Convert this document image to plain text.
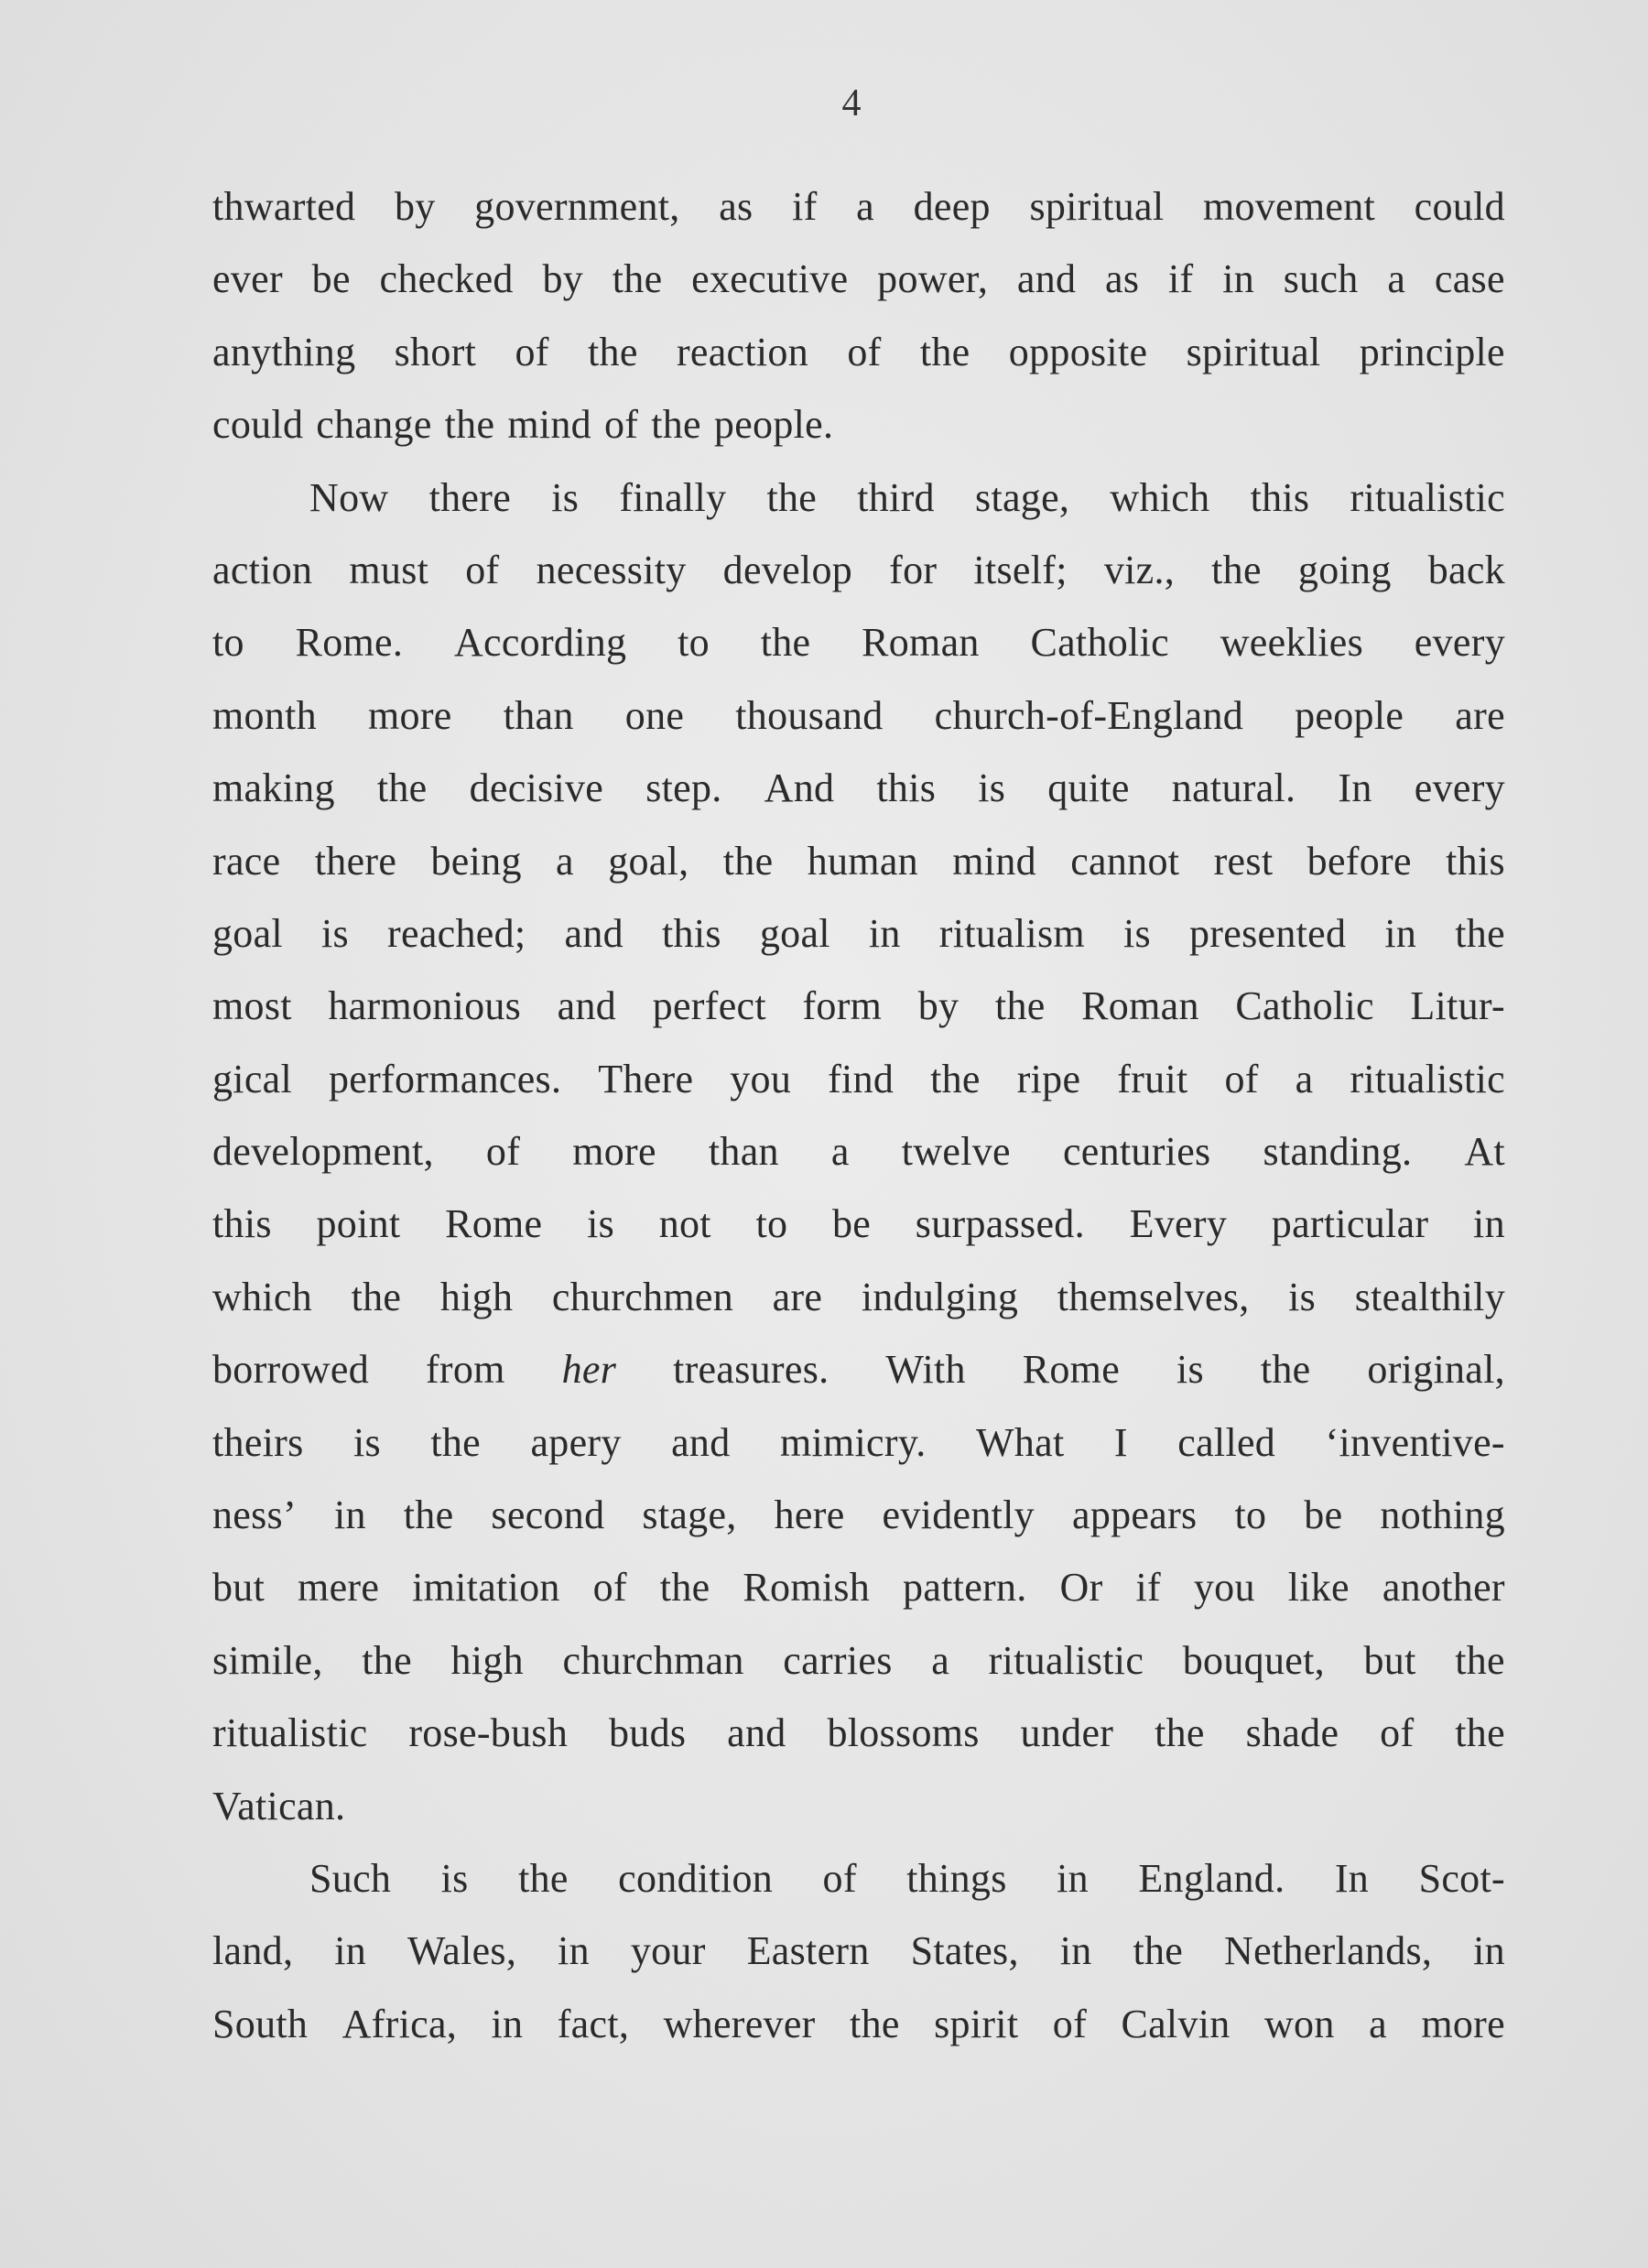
4
thwarted by government, as if a deep spiritual movement could
ever be checked by the executive power, and as if in such a case
anything short of the reaction of the opposite spiritual principle
could change the mind of the people.
Now there is finally the third stage, which this ritualistic
action must of necessity develop for itself; viz., the going back
to Rome. According to the Roman Catholic weeklies every
month more than one thousand church-of-England people are
making the decisive step. And this is quite natural. In every
race there being a goal, the human mind cannot rest before this
goal is reached; and this goal in ritualism is presented in the
most harmonious and perfect form by the Roman Catholic Litur-
gical performances. There you find the ripe fruit of a ritualistic
development, of more than a twelve centuries standing. At
this point Rome is not to be surpassed. Every particular in
which the high churchmen are indulging themselves, is stealthily
borrowed from her treasures. With Rome is the original,
theirs is the apery and mimicry. What I called ‘inventive-
ness’ in the second stage, here evidently appears to be nothing
but mere imitation of the Romish pattern. Or if you like another
simile, the high churchman carries a ritualistic bouquet, but the
ritualistic rose-bush buds and blossoms under the shade of the
Vatican.
Such is the condition of things in England. In Scot-
land, in Wales, in your Eastern States, in the Netherlands, in
South Africa, in fact, wherever the spirit of Calvin won a more
